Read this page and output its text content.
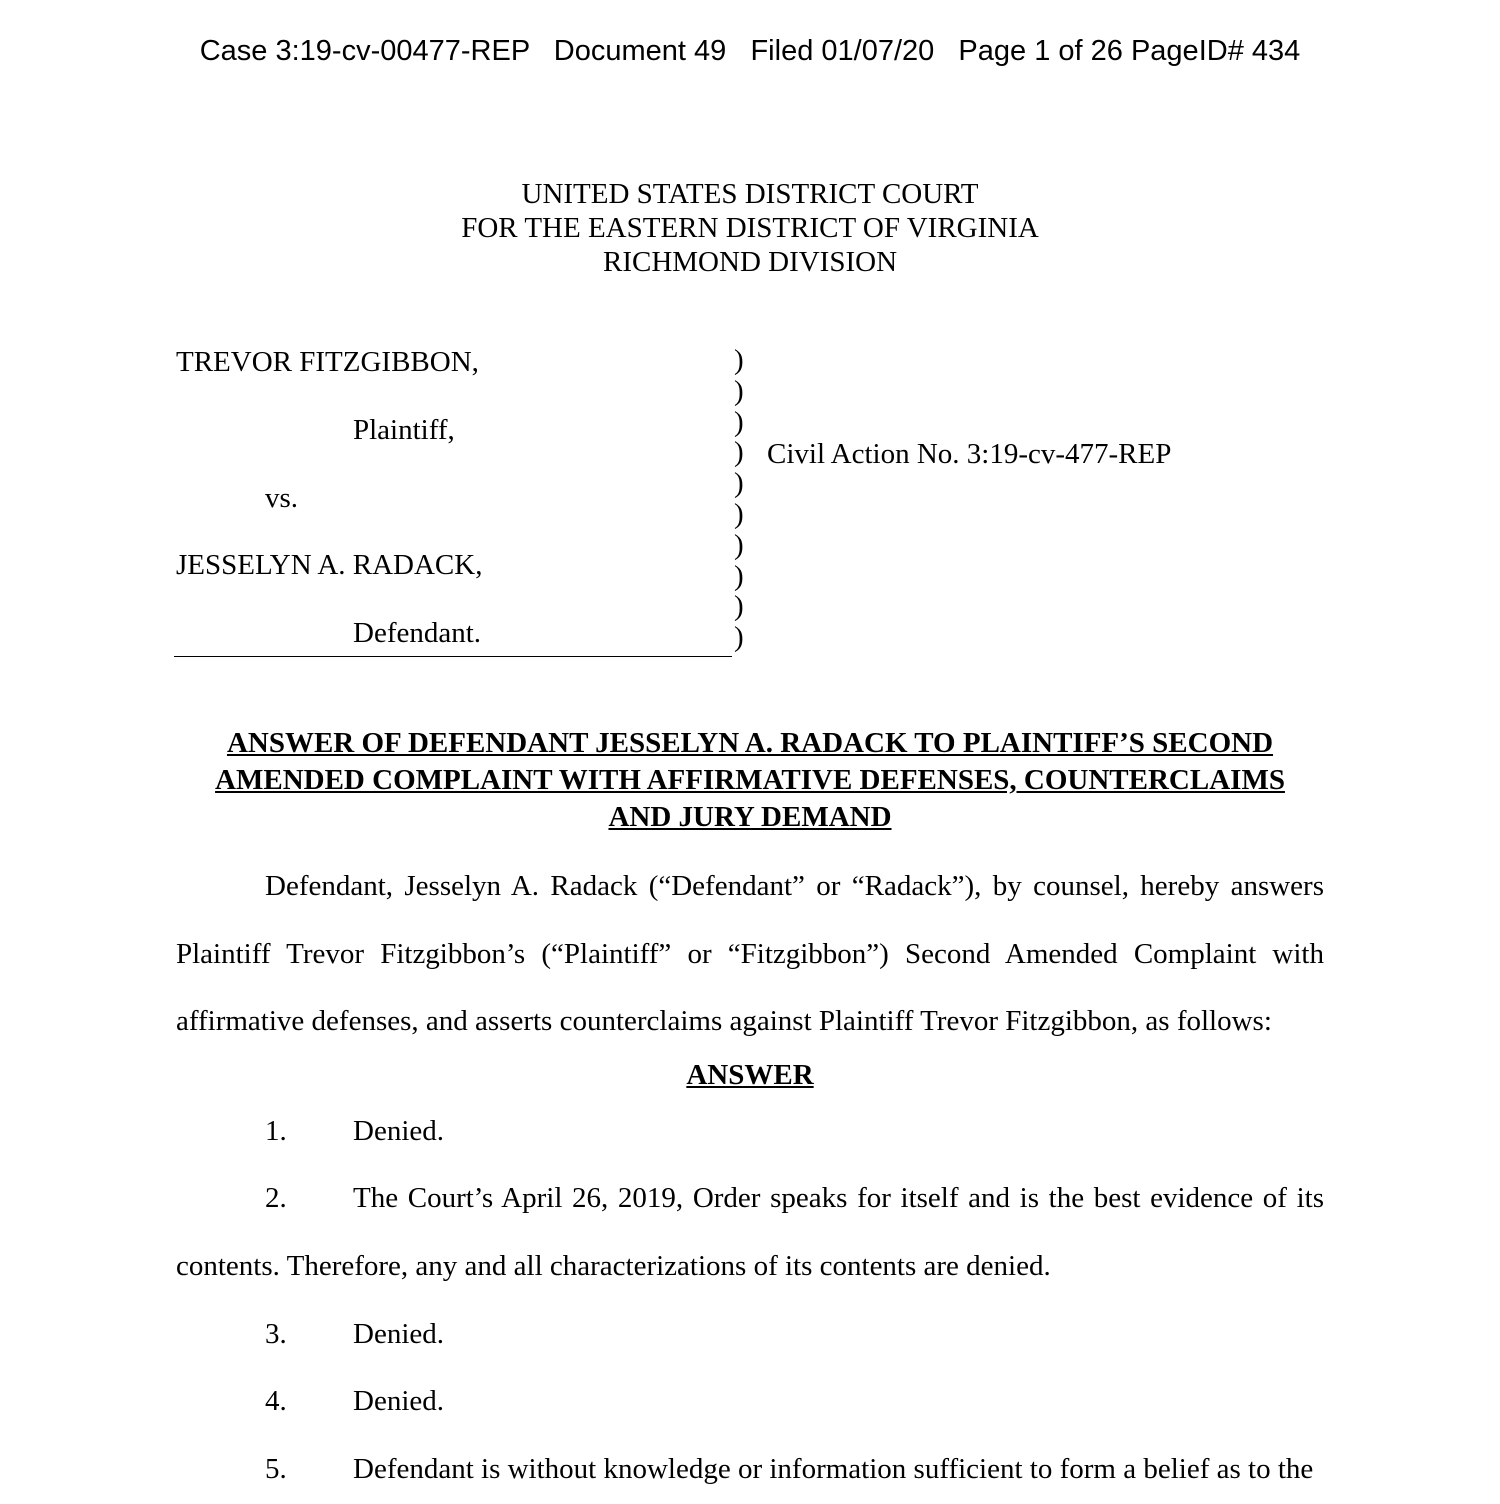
Case 3:19-cv-00477-REP   Document 49   Filed 01/07/20   Page 1 of 26 PageID# 434
UNITED STATES DISTRICT COURT
FOR THE EASTERN DISTRICT OF VIRGINIA
RICHMOND DIVISION
TREVOR FITZGIBBON,
Plaintiff,
vs.
JESSELYN A. RADACK,
Defendant.
)
)
)
)
)
)
)
)
)
)
Civil Action No. 3:19-cv-477-REP
ANSWER OF DEFENDANT JESSELYN A. RADACK TO PLAINTIFF’S SECOND
AMENDED COMPLAINT WITH AFFIRMATIVE DEFENSES, COUNTERCLAIMS
AND JURY DEMAND

Defendant, Jesselyn A. Radack (“Defendant” or “Radack”), by counsel, hereby answers Plaintiff Trevor Fitzgibbon’s (“Plaintiff” or “Fitzgibbon”) Second Amended Complaint with affirmative defenses, and asserts counterclaims against Plaintiff Trevor Fitzgibbon, as follows:

ANSWER

1. Denied.

2. The Court’s April 26, 2019, Order speaks for itself and is the best evidence of its contents. Therefore, any and all characterizations of its contents are denied.

3. Denied.

4. Denied.

5. Defendant is without knowledge or information sufficient to form a belief as to the
